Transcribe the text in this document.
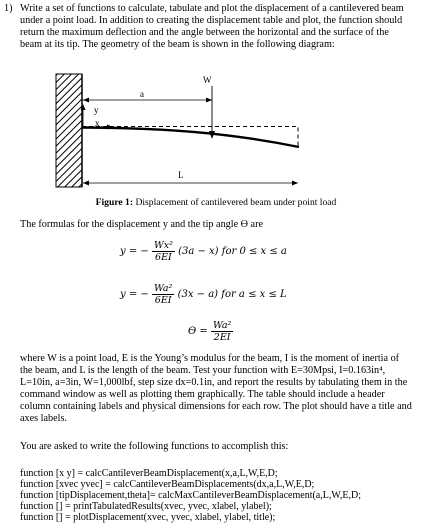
1) Write a set of functions to calculate, tabulate and plot the displacement of a cantilevered beam
under a point load. In addition to creating the displacement table and plot, the function should
return the maximum deflection and the angle between the horizontal and the surface of the
beam at its tip. The geometry of the beam is shown in the following diagram:
a
W
y
x
L
Figure 1: Displacement of cantilevered beam under point load
The formulas for the displacement y and the tip angle ϴ are
y = − $\frac{\text{Wx²}}{6EI} (3a - x)$ for 0 ≤ x ≤ a
y = − $\frac{\text{Wa²}}{6EI} (3x - a)$ for a ≤ x ≤ L
$ϴ = \frac{\text{Wa²}}{2EI}$
where W is a point load, E is the Young’s modulus for the beam, I is the moment of inertia of
the beam, and L is the length of the beam. Test your function with E=30Mpsi, I=0.163in⁴,
L=10in, a=3in, W=1,000lbf, step size dx=0.1in, and report the results by tabulating them in the
command window as well as plotting them graphically. The table should include a header
column containing labels and physical dimensions for each row. The plot should have a title and
axes labels.
You are asked to write the following functions to accomplish this:
function [x y] = calcCantileverBeamDisplacement(x,a,L,W,E,D;
function [xvec yvec] = calcCantileverBeamDisplacements(dx,a,L,W,E,D;
function [tipDisplacement,theta]= calcMaxCantileverBeamDisplacement(a,L,W,E,D;
function [] = printTabulatedResults(xvec, yvec, xlabel, ylabel);
function [] = plotDisplacement(xvec, yvec, xlabel, ylabel, title);
